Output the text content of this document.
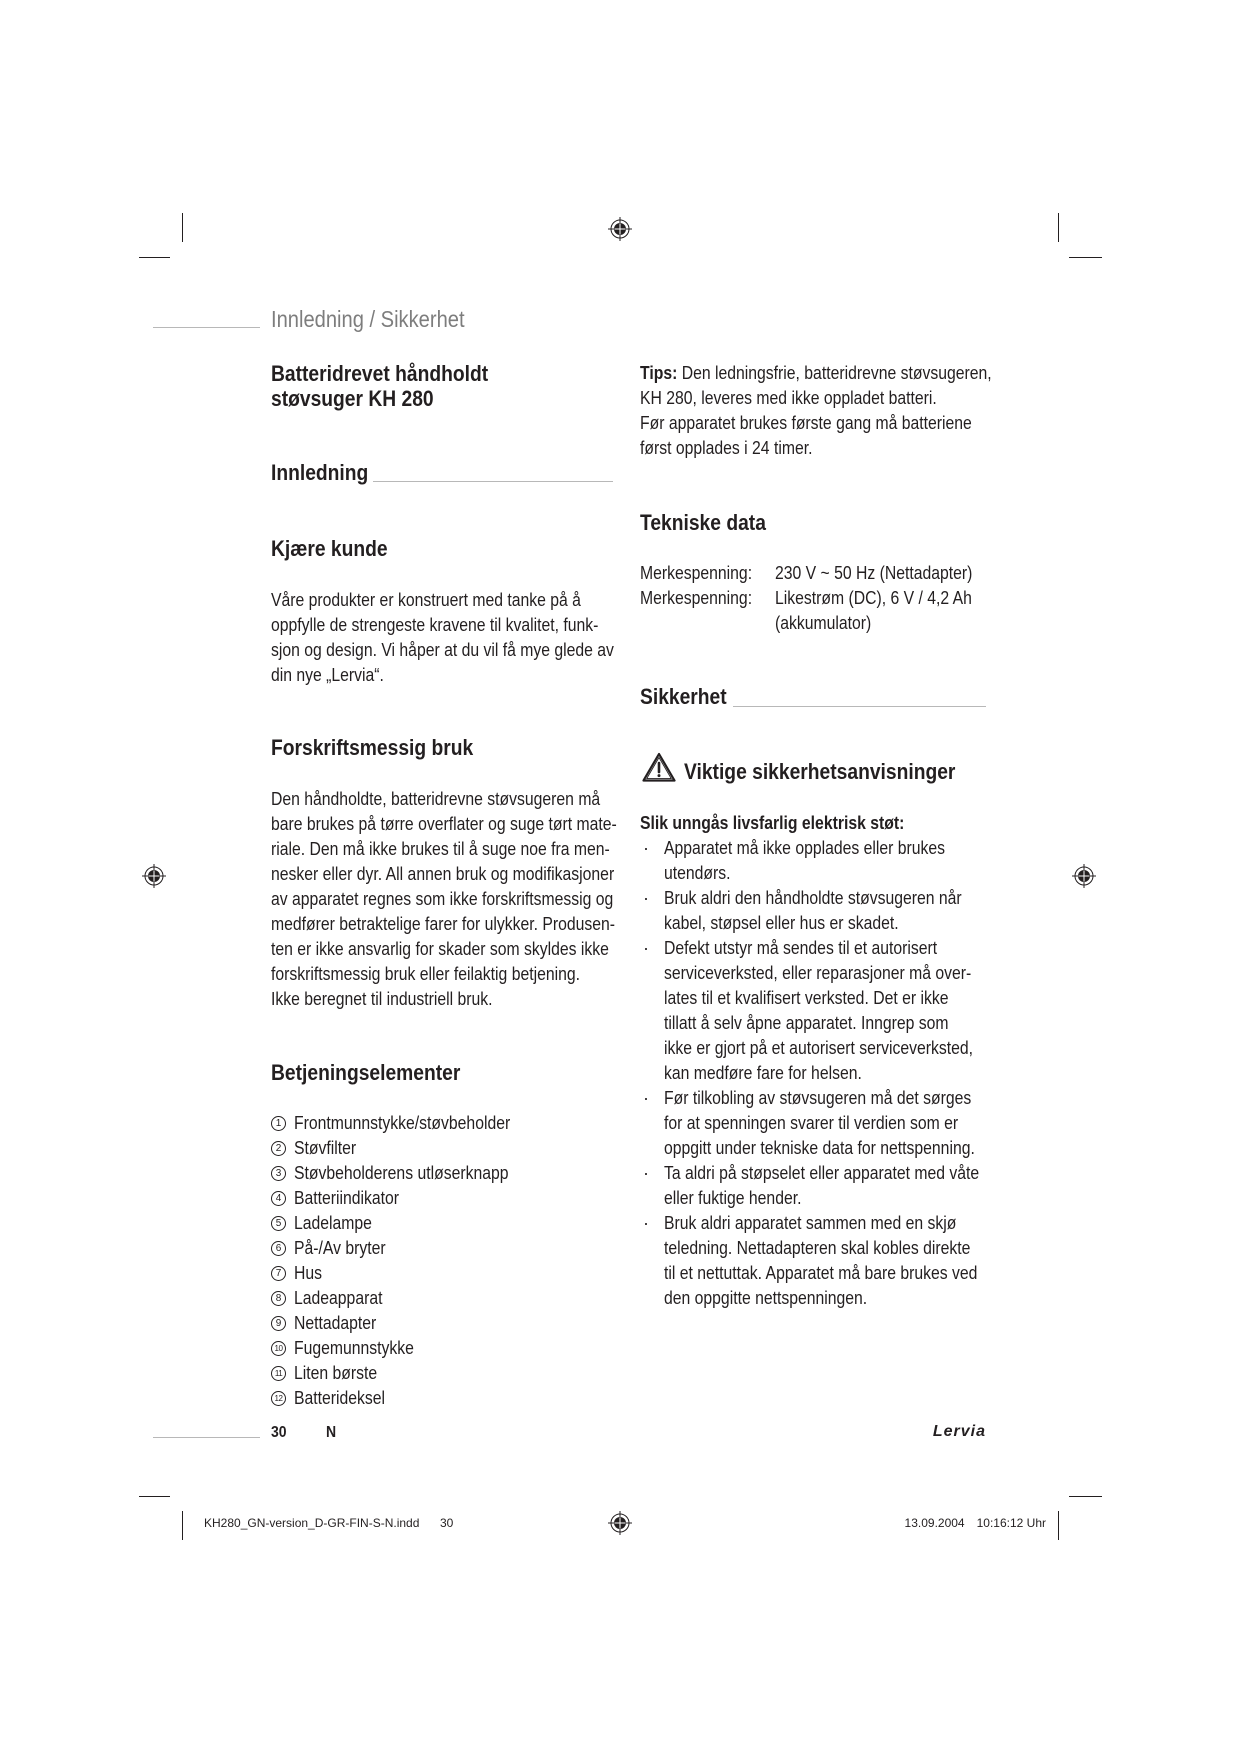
Innledning / Sikkerhet
Batteridrevet håndholdt
støvsuger KH 280
Innledning
Kjære kunde
Våre produkter er konstruert med tanke på å
oppfylle de strengeste kravene til kvalitet, funk-
sjon og design. Vi håper at du vil få mye glede av
din nye „Lervia“.
Forskriftsmessig bruk
Den håndholdte, batteridrevne støvsugeren må
bare brukes på tørre overflater og suge tørt mate-
riale. Den må ikke brukes til å suge noe fra men-
nesker eller dyr. All annen bruk og modifikasjoner
av apparatet regnes som ikke forskriftsmessig og
medfører betraktelige farer for ulykker. Produsen-
ten er ikke ansvarlig for skader som skyldes ikke
forskriftsmessig bruk eller feilaktig betjening.
Ikke beregnet til industriell bruk.
Betjeningselementer
1 Frontmunnstykke/støvbeholder
2 Støvfilter
3 Støvbeholderens utløserknapp
4 Batteriindikator
5 Ladelampe
6 På-/Av bryter
7 Hus
8 Ladeapparat
9 Nettadapter
10 Fugemunnstykke
11 Liten børste
12 Batterideksel
30 N	Lervia
Tips: Den ledningsfrie, batteridrevne støvsugeren,
KH 280, leveres med ikke oppladet batteri.
Før apparatet brukes første gang må batteriene
først opplades i 24 timer.
Tekniske data
Merkespenning: 230 V ~ 50 Hz (Nettadapter)
Merkespenning: Likestrøm (DC), 6 V / 4,2 Ah
(akkumulator)
Sikkerhet
Viktige sikkerhetsanvisninger
Slik unngås livsfarlig elektrisk støt:
· Apparatet må ikke opplades eller brukes
utendørs.
· Bruk aldri den håndholdte støvsugeren når
kabel, støpsel eller hus er skadet.
· Defekt utstyr må sendes til et autorisert
serviceverksted, eller reparasjoner må over-
lates til et kvalifisert verksted. Det er ikke
tillatt å selv åpne apparatet. Inngrep som
ikke er gjort på et autorisert serviceverksted,
kan medføre fare for helsen.
· Før tilkobling av støvsugeren må det sørges
for at spenningen svarer til verdien som er
oppgitt under tekniske data for nettspenning.
· Ta aldri på støpselet eller apparatet med våte
eller fuktige hender.
· Bruk aldri apparatet sammen med en skjø
teledning. Nettadapteren skal kobles direkte
til et nettuttak. Apparatet må bare brukes ved
den oppgitte nettspenningen.
KH280_GN-version_D-GR-FIN-S-N.indd 30	13.09.2004 10:16:12 Uhr
